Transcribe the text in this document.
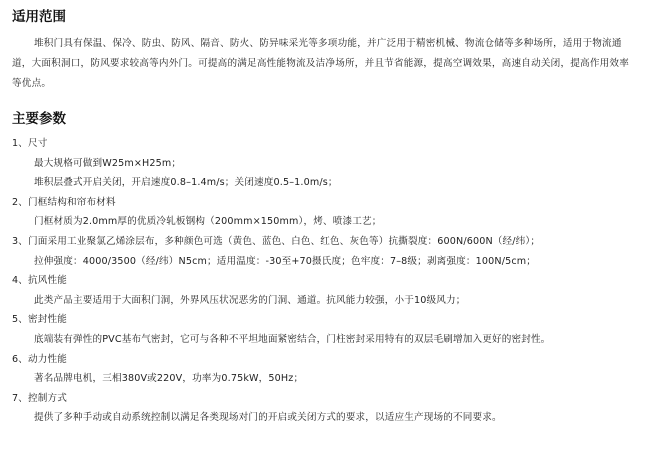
适用范围

堆积门具有保温、保冷、防虫、防风、隔音、防火、防异味采光等多项功能，并广泛用于精密机械、物流仓储等多种场所，适用于物流通道，大面积洞口，防风要求较高等内外门。可提高的满足高性能物流及洁净场所，并且节省能源，提高空调效果，高速自动关闭，提高作用效率等优点。

主要参数
1、尺寸
最大规格可做到W25m×H25m；
堆积层叠式开启关闭，开启速度0.8–1.4m/s；关闭速度0.5–1.0m/s；
2、门框结构和帘布材料
门框材质为2.0mm厚的优质冷轧板钢构（200mm×150mm），烤、喷漆工艺；
3、门面采用工业聚氯乙烯涂层布，多种颜色可选（黄色、蓝色、白色、红色、灰色等）抗撕裂度：600N/600N（经/纬）；
拉伸强度：4000/3500（经/纬）N5cm；适用温度：-30至+70摄氏度；色牢度：7–8级；剥离强度：100N/5cm；
4、抗风性能
此类产品主要适用于大面积门洞，外界风压状况恶劣的门洞、通道。抗风能力较强，小于10级风力；
5、密封性能
底端装有弹性的PVC基布气密封，它可与各种不平坦地面紧密结合，门柱密封采用特有的双层毛刷增加入更好的密封性。
6、动力性能
著名品牌电机，三相380V或220V，功率为0.75kW，50Hz；
7、控制方式
提供了多种手动或自动系统控制以满足各类现场对门的开启或关闭方式的要求，以适应生产现场的不同要求。
